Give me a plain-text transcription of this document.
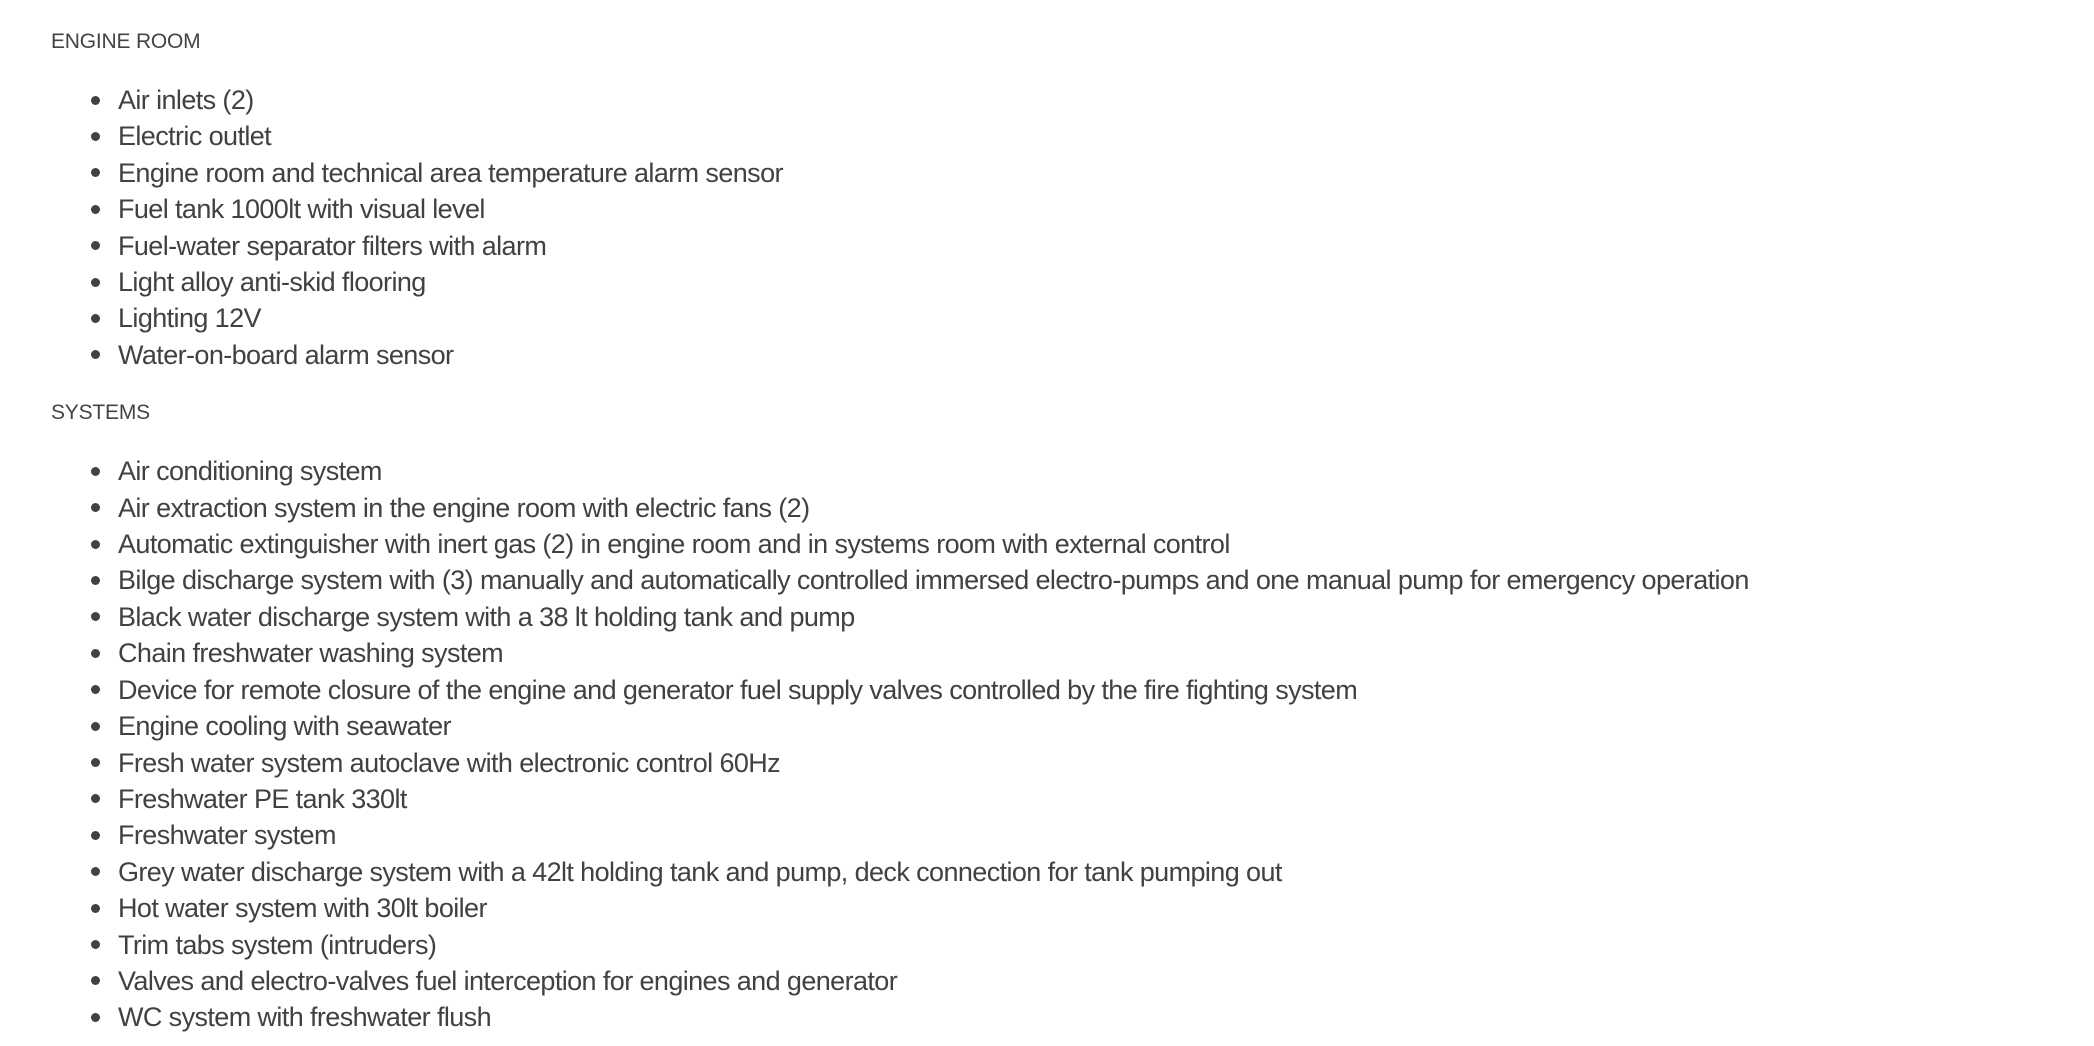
ENGINE ROOM
Air inlets (2)
Electric outlet
Engine room and technical area temperature alarm sensor
Fuel tank 1000lt with visual level
Fuel-water separator filters with alarm
Light alloy anti-skid flooring
Lighting 12V
Water-on-board alarm sensor
SYSTEMS
Air conditioning system
Air extraction system in the engine room with electric fans (2)
Automatic extinguisher with inert gas (2) in engine room and in systems room with external control
Bilge discharge system with (3) manually and automatically controlled immersed electro-pumps and one manual pump for emergency operation
Black water discharge system with a 38 lt holding tank and pump
Chain freshwater washing system
Device for remote closure of the engine and generator fuel supply valves controlled by the fire fighting system
Engine cooling with seawater
Fresh water system autoclave with electronic control 60Hz
Freshwater PE tank 330lt
Freshwater system
Grey water discharge system with a 42lt holding tank and pump, deck connection for tank pumping out
Hot water system with 30lt boiler
Trim tabs system (intruders)
Valves and electro-valves fuel interception for engines and generator
WC system with freshwater flush
